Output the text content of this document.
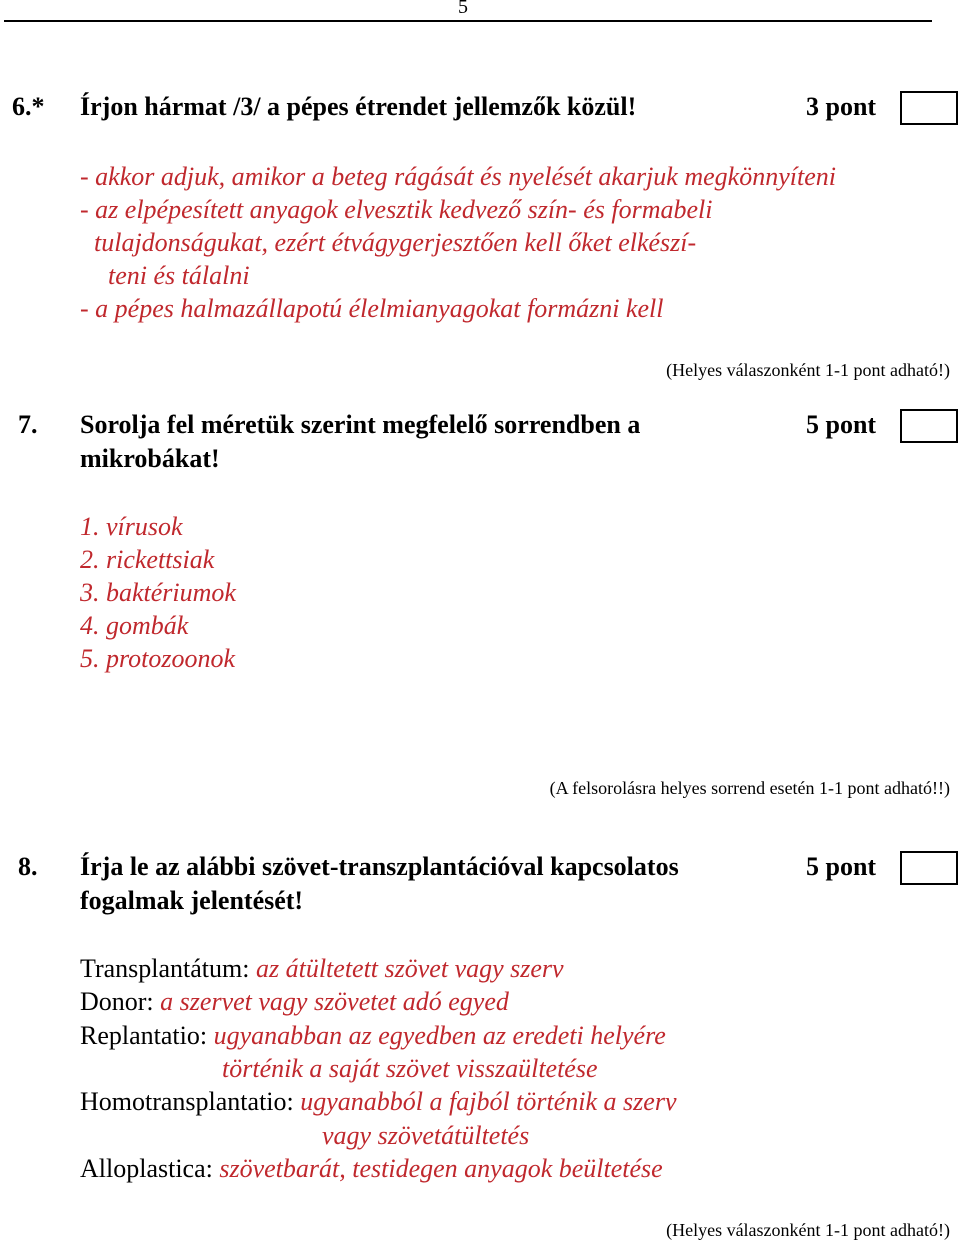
5
6.* Írjon hármat /3/ a pépes étrendet jellemzők közül!	3 pont
- akkor adjuk, amikor a beteg rágását és nyelését akarjuk megkönnyíteni
- az elpépesített anyagok elvesztik kedvező szín- és formabeli
tulajdonságukat, ezért étvágygerjesztően kell őket elkészí-
teni és tálalni
- a pépes halmazállapotú élelmianyagokat formázni kell
(Helyes válaszonként 1-1 pont adható!)
7. Sorolja fel méretük szerint megfelelő sorrendben a
mikrobákat!
5 pont
1. vírusok
2. rickettsiak
3. baktériumok
4. gombák
5. protozoonok
(A felsorolásra helyes sorrend esetén 1-1 pont adható!!)
8. Írja le az alábbi szövet-transzplantációval kapcsolatos
fogalmak jelentését!
5 pont
Transplantátum: az átültetett szövet vagy szerv
Donor: a szervet vagy szövetet adó egyed
Replantatio: ugyanabban az egyedben az eredeti helyére
történik a saját szövet visszaültetése
Homotransplantatio: ugyanabból a fajból történik a szerv
vagy szövetátültetés
Alloplastica: szövetbarát, testidegen anyagok beültetése
(Helyes válaszonként 1-1 pont adható!)
